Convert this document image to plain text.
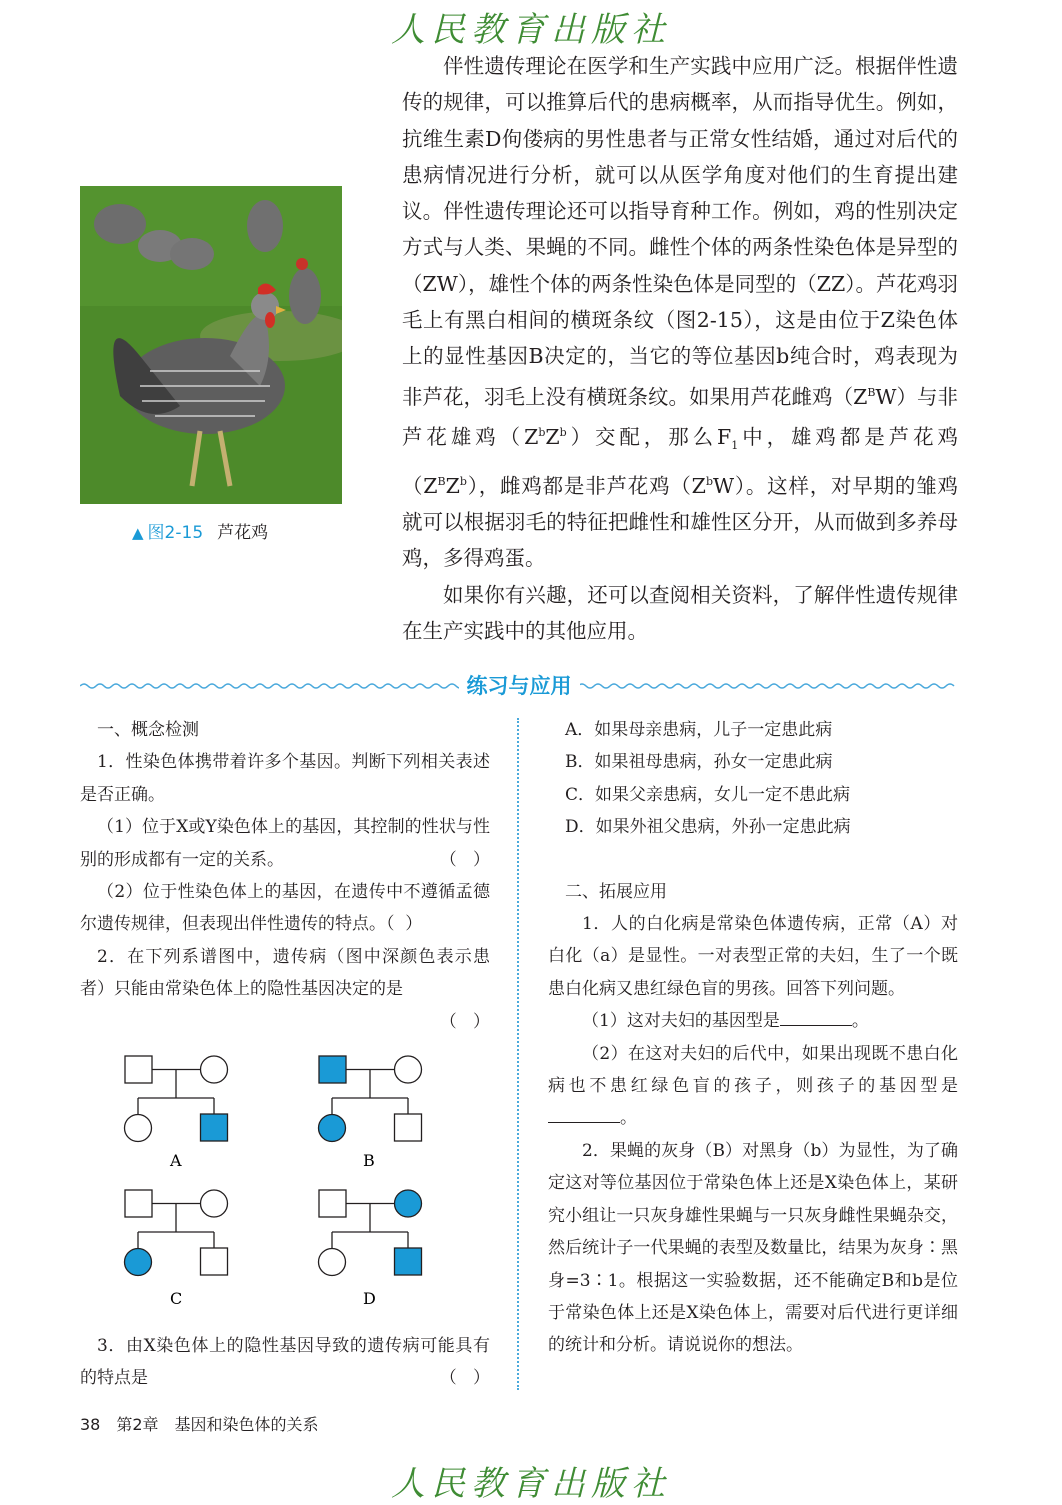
人民教育出版社
▲ 图2-15 芦花鸡

伴性遗传理论在医学和生产实践中应用广泛。根据伴性遗传的规律，可以推算后代的患病概率，从而指导优生。例如，抗维生素D佝偻病的男性患者与正常女性结婚，通过对后代的患病情况进行分析，就可以从医学角度对他们的生育提出建议。伴性遗传理论还可以指导育种工作。例如，鸡的性别决定方式与人类、果蝇的不同。雌性个体的两条性染色体是异型的（ZW），雄性个体的两条性染色体是同型的（ZZ）。芦花鸡羽毛上有黑白相间的横斑条纹（图2-15），这是由位于Z染色体上的显性基因B决定的，当它的等位基因b纯合时，鸡表现为非芦花，羽毛上没有横斑条纹。如果用芦花雌鸡$(Z^BW)$与非芦花雄鸡$(Z^bZ^b)$交配，那么$F_1$中，雄鸡都是芦花鸡$(Z^BZ^b)$，雌鸡都是非芦花鸡$(Z^bW)$。这样，对早期的雏鸡就可以根据羽毛的特征把雌性和雄性区分开，从而做到多养母鸡，多得鸡蛋。

如果你有兴趣，还可以查阅相关资料，了解伴性遗传规律在生产实践中的其他应用。

练习与应用

一、概念检测

1．性染色体携带着许多个基因。判断下列相关表述是否正确。

（1）位于X或Y染色体上的基因，其控制的性状与性别的形成都有一定的关系。	（   ）

（2）位于性染色体上的基因，在遗传中不遵循孟德尔遗传规律，但表现出伴性遗传的特点。（  ）

2．在下列系谱图中，遗传病（图中深颜色表示患者）只能由常染色体上的隐性基因决定的是

（   ）

A	B
C	D

3．由X染色体上的隐性基因导致的遗传病可能具有的特点是	（   ）

A．如果母亲患病，儿子一定患此病

B．如果祖母患病，孙女一定患此病

C．如果父亲患病，女儿一定不患此病

D．如果外祖父患病，外孙一定患此病

二、拓展应用

1．人的白化病是常染色体遗传病，正常（A）对白化（a）是显性。一对表型正常的夫妇，生了一个既患白化病又患红绿色盲的男孩。回答下列问题。

（1）这对夫妇的基因型是	。

（2）在这对夫妇的后代中，如果出现既不患白化病也不患红绿色盲的孩子，则孩子的基因型是。

2．果蝇的灰身（B）对黑身（b）为显性，为了确定这对等位基因位于常染色体上还是X染色体上，某研究小组让一只灰身雄性果蝇与一只灰身雌性果蝇杂交，然后统计子一代果蝇的表型及数量比，结果为灰身∶黑身=3∶1。根据这一实验数据，还不能确定B和b是位于常染色体上还是X染色体上，需要对后代进行更详细的统计和分析。请说说你的想法。

38 第2章　基因和染色体的关系
人民教育出版社
